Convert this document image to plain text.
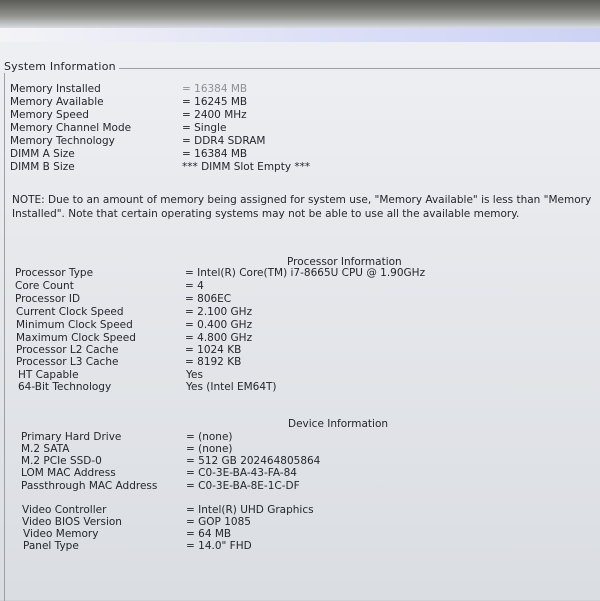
System Information
Memory Installed	= 16384 MB
Memory Available	= 16245 MB
Memory Speed	= 2400 MHz
Memory Channel Mode	= Single
Memory Technology	= DDR4 SDRAM
DIMM A Size	= 16384 MB
DIMM B Size	*** DIMM Slot Empty ***
NOTE: Due to an amount of memory being assigned for system use, "Memory Available" is less than "Memory Installed". Note that certain operating systems may not be able to use all the available memory.
Processor Information
Processor Type	= Intel(R) Core(TM) i7-8665U CPU @ 1.90GHz
Core Count	= 4
Processor ID	= 806EC
Current Clock Speed	= 2.100 GHz
Minimum Clock Speed	= 0.400 GHz
Maximum Clock Speed	= 4.800 GHz
Processor L2 Cache	= 1024 KB
Processor L3 Cache	= 8192 KB
HT Capable	Yes
64-Bit Technology	Yes (Intel EM64T)
Device Information
Primary Hard Drive	= (none)
M.2 SATA	= (none)
M.2 PCIe SSD-0	= 512 GB 202464805864
LOM MAC Address	= C0-3E-BA-43-FA-84
Passthrough MAC Address	= C0-3E-BA-8E-1C-DF
Video Controller	= Intel(R) UHD Graphics
Video BIOS Version	= GOP 1085
Video Memory	= 64 MB
Panel Type	= 14.0" FHD
